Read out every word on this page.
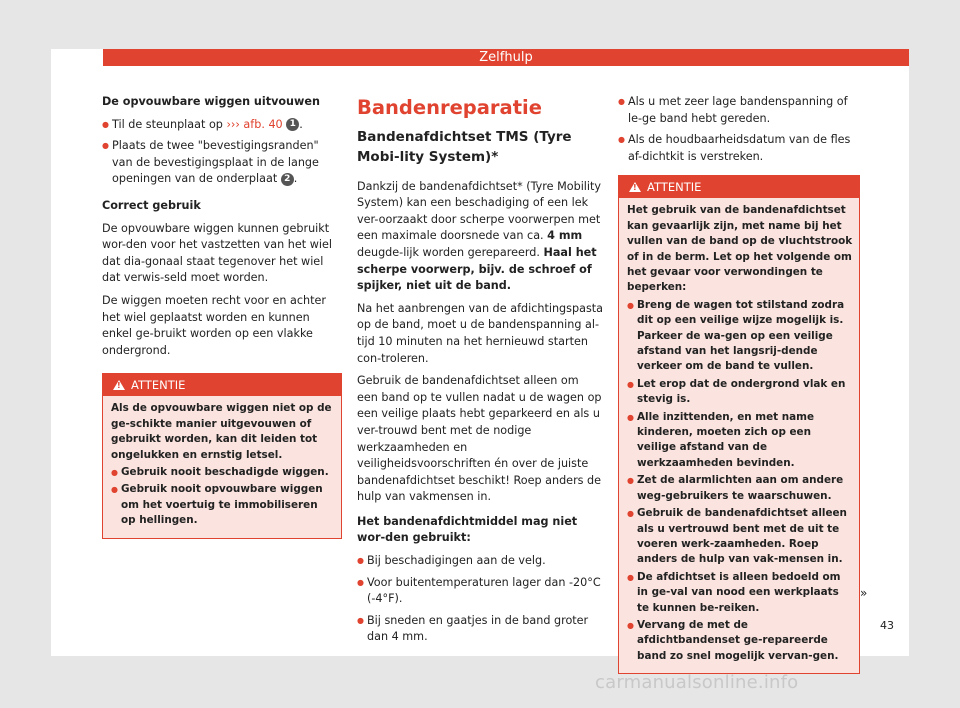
Zelfhulp

De opvouwbare wiggen uitvouwen

● Til de steunplaat op ››› afb. 40 1 .
● Plaats de twee "bevestigingsranden" van de bevestigingsplaat in de lange openingen van de onderplaat 2 .

Correct gebruik

De opvouwbare wiggen kunnen gebruikt wor-den voor het vastzetten van het wiel dat dia-gonaal staat tegenover het wiel dat verwis-seld moet worden.

De wiggen moeten recht voor en achter het wiel geplaatst worden en kunnen enkel ge-bruikt worden op een vlakke ondergrond.

! ATTENTIE

Als de opvouwbare wiggen niet op de ge-schikte manier uitgevouwen of gebruikt worden, kan dit leiden tot ongelukken en ernstig letsel.

● Gebruik nooit beschadigde wiggen.
● Gebruik nooit opvouwbare wiggen om het voertuig te immobiliseren op hellingen.
Bandenreparatie
Bandenafdichtset TMS (Tyre Mobi-lity System)*

Dankzij de bandenafdichtset* (Tyre Mobility System) kan een beschadiging of een lek ver-oorzaakt door scherpe voorwerpen met een maximale doorsnede van ca. 4 mm deugde-lijk worden gerepareerd. Haal het scherpe voorwerp, bijv. de schroef of spijker, niet uit de band.

Na het aanbrengen van de afdichtingspasta op de band, moet u de bandenspanning al-tijd 10 minuten na het hernieuwd starten con-troleren.

Gebruik de bandenafdichtset alleen om een band op te vullen nadat u de wagen op een veilige plaats hebt geparkeerd en als u ver-trouwd bent met de nodige werkzaamheden en veiligheidsvoorschriften én over de juiste bandenafdichtset beschikt! Roep anders de hulp van vakmensen in.

Het bandenafdichtmiddel mag niet wor-den gebruikt:

● Bij beschadigingen aan de velg.
● Voor buitentemperaturen lager dan -20°C (-4°F).
● Bij sneden en gaatjes in de band groter dan 4 mm.
● Als u met zeer lage bandenspanning of le-ge band hebt gereden.
● Als de houdbaarheidsdatum van de fles af-dichtkit is verstreken.
! ATTENTIE

Het gebruik van de bandenafdichtset kan gevaarlijk zijn, met name bij het vullen van de band op de vluchtstrook of in de berm. Let op het volgende om het gevaar voor verwondingen te beperken:

● Breng de wagen tot stilstand zodra dit op een veilige wijze mogelijk is. Parkeer de wa-gen op een veilige afstand van het langsrij-dende verkeer om de band te vullen.
● Let erop dat de ondergrond vlak en stevig is.
● Alle inzittenden, en met name kinderen, moeten zich op een veilige afstand van de werkzaamheden bevinden.
● Zet de alarmlichten aan om andere weg-gebruikers te waarschuwen.
● Gebruik de bandenafdichtset alleen als u vertrouwd bent met de uit te voeren werk-zaamheden. Roep anders de hulp van vak-mensen in.
● De afdichtset is alleen bedoeld om in ge-val van nood een werkplaats te kunnen be-reiken.
● Vervang de met de afdichtbandenset ge-repareerde band zo snel mogelijk vervan-gen.
»
43
carmanualsonline.info
